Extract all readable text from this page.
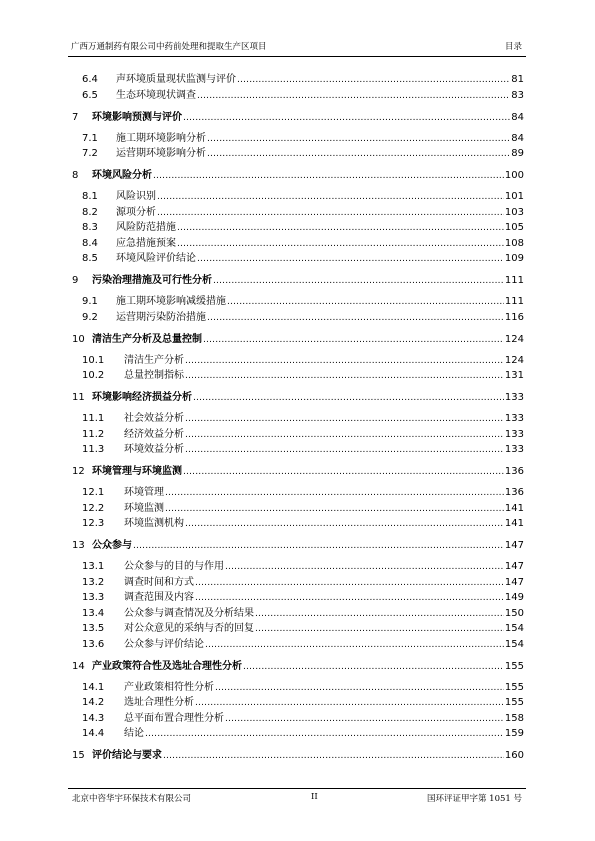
广西万通制药有限公司中药前处理和提取生产区项目	目录
6.4	声环境质量现状监测与评价 .....	81
6.5	生态环境现状调查 .....	83
7	环境影响预测与评价 .....	84
7.1	施工期环境影响分析 .....	84
7.2	运营期环境影响分析 .....	89
8	环境风险分析 .....	100
8.1	风险识别 .....	101
8.2	源项分析 .....	103
8.3	风险防范措施 .....	105
8.4	应急措施预案 .....	108
8.5	环境风险评价结论 .....	109
9	污染治理措施及可行性分析 .....	111
9.1	施工期环境影响减缓措施 .....	111
9.2	运营期污染防治措施 .....	116
10 清洁生产分析及总量控制 .....	124
10.1	清洁生产分析 .....	124
10.2	总量控制指标 .....	131
11 环境影响经济损益分析 .....	133
11.1	社会效益分析 .....	133
11.2	经济效益分析 .....	133
11.3	环境效益分析 .....	133
12 环境管理与环境监测 .....	136
12.1	环境管理 .....	136
12.2	环境监测 .....	141
12.3	环境监测机构 .....	141
13 公众参与 .....	147
13.1	公众参与的目的与作用 .....	147
13.2	调查时间和方式 .....	147
13.3	调查范围及内容 .....	149
13.4	公众参与调查情况及分析结果 .....	150
13.5	对公众意见的采纳与否的回复 .....	154
13.6	公众参与评价结论 .....	154
14 产业政策符合性及选址合理性分析 .....	155
14.1	产业政策相符性分析 .....	155
14.2	选址合理性分析 .....	155
14.3	总平面布置合理性分析 .....	158
14.4	结论 .....	159
15 评价结论与要求 .....	160
北京中咨华宇环保技术有限公司	II	国环评证甲字第 1051 号
